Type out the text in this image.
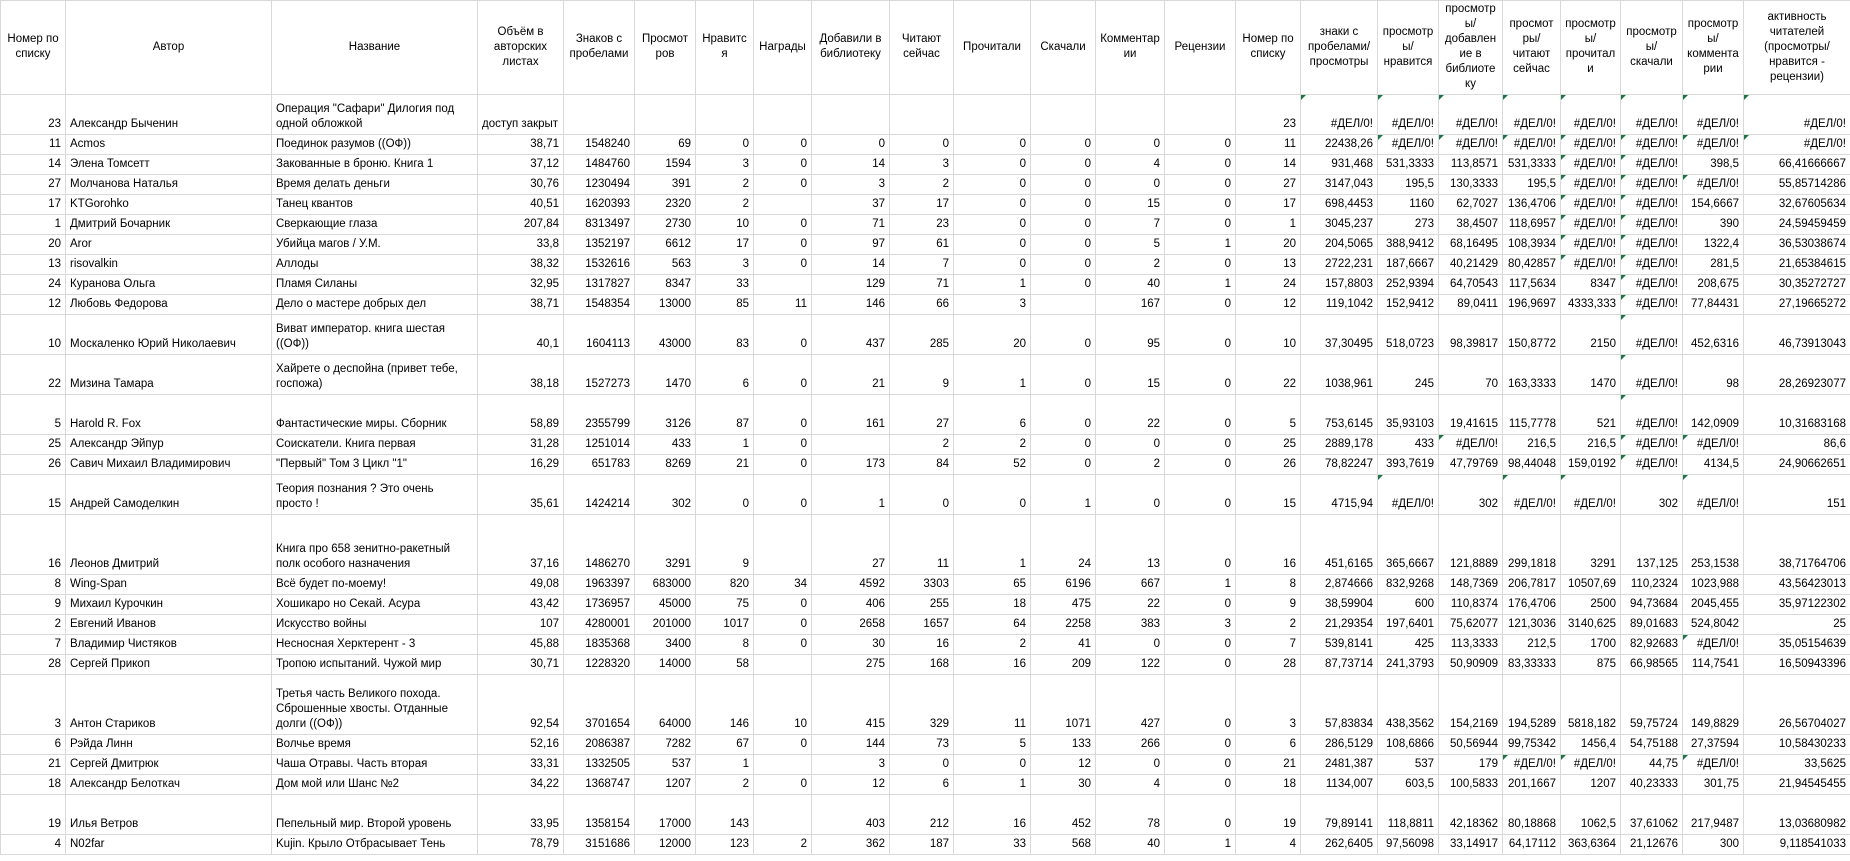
Номер по списку	Автор	Название	Объём в авторских листах	Знаков с пробелами	Просмотров	Нравится	Награды	Добавили в библиотеку	Читают сейчас	Прочитали	Скачали	Комментарии	Рецензии	Номер по списку	знаки с пробелами/просмотры	просмотры/нравится	просмотры/добавление в библиотеку	просмотры/читают сейчас	просмотры/прочитали	просмотры/скачали	просмотры/комментарии	активность читателей (просмотры/нравится - рецензии)
23	Александр Быченин	Операция "Сафари" Дилогия под одной обложкой	доступ закрыт											23	#ДЕЛ/0!	#ДЕЛ/0!	#ДЕЛ/0!	#ДЕЛ/0!	#ДЕЛ/0!	#ДЕЛ/0!	#ДЕЛ/0!	#ДЕЛ/0!
11	Acmos	Поединок разумов ((ОФ))	38,71	1548240	69	0	0	0	0	0	0	0	0	11	22438,26	#ДЕЛ/0!	#ДЕЛ/0!	#ДЕЛ/0!	#ДЕЛ/0!	#ДЕЛ/0!	#ДЕЛ/0!	#ДЕЛ/0!
14	Элена Томсетт	Закованные в броню. Книга 1	37,12	1484760	1594	3	0	14	3	0	0	4	0	14	931,468	531,3333	113,8571	531,3333	#ДЕЛ/0!	#ДЕЛ/0!	398,5	66,41666667
27	Молчанова Наталья	Время делать деньги	30,76	1230494	391	2	0	3	2	0	0	0	0	27	3147,043	195,5	130,3333	195,5	#ДЕЛ/0!	#ДЕЛ/0!	#ДЕЛ/0!	55,85714286
17	KTGorohko	Танец квантов	40,51	1620393	2320	2		37	17	0	0	15	0	17	698,4453	1160	62,7027	136,4706	#ДЕЛ/0!	#ДЕЛ/0!	154,6667	32,67605634
1	Дмитрий Бочарник	Сверкающие глаза	207,84	8313497	2730	10	0	71	23	0	0	7	0	1	3045,237	273	38,4507	118,6957	#ДЕЛ/0!	#ДЕЛ/0!	390	24,59459459
20	Aror	Убийца магов / У.М.	33,8	1352197	6612	17	0	97	61	0	0	5	1	20	204,5065	388,9412	68,16495	108,3934	#ДЕЛ/0!	#ДЕЛ/0!	1322,4	36,53038674
13	risovalkin	Аллоды	38,32	1532616	563	3	0	14	7	0	0	2	0	13	2722,231	187,6667	40,21429	80,42857	#ДЕЛ/0!	#ДЕЛ/0!	281,5	21,65384615
24	Куранова Ольга	Пламя Силаны	32,95	1317827	8347	33		129	71	1	0	40	1	24	157,8803	252,9394	64,70543	117,5634	8347	#ДЕЛ/0!	208,675	30,35272727
12	Любовь Федорова	Дело о мастере добрых дел	38,71	1548354	13000	85	11	146	66	3		167	0	12	119,1042	152,9412	89,0411	196,9697	4333,333	#ДЕЛ/0!	77,84431	27,19665272
10	Москаленко Юрий Николаевич	Виват император. книга шестая ((ОФ))	40,1	1604113	43000	83	0	437	285	20	0	95	0	10	37,30495	518,0723	98,39817	150,8772	2150	#ДЕЛ/0!	452,6316	46,73913043
22	Мизина Тамара	Хайрете о деспойна (привет тебе, госпожа)	38,18	1527273	1470	6	0	21	9	1	0	15	0	22	1038,961	245	70	163,3333	1470	#ДЕЛ/0!	98	28,26923077
5	Harold R. Fox	Фантастические миры. Сборник	58,89	2355799	3126	87	0	161	27	6	0	22	0	5	753,6145	35,93103	19,41615	115,7778	521	#ДЕЛ/0!	142,0909	10,31683168
25	Александр Эйпур	Соискатели. Книга первая	31,28	1251014	433	1	0		2	2	0	0	0	25	2889,178	433	#ДЕЛ/0!	216,5	216,5	#ДЕЛ/0!	#ДЕЛ/0!	86,6
26	Савич Михаил Владимирович	"Первый" Том 3 Цикл "1"	16,29	651783	8269	21	0	173	84	52	0	2	0	26	78,82247	393,7619	47,79769	98,44048	159,0192	#ДЕЛ/0!	4134,5	24,90662651
15	Андрей Самоделкин	Теория познания ? Это очень просто !	35,61	1424214	302	0	0	1	0	0	1	0	0	15	4715,94	#ДЕЛ/0!	302	#ДЕЛ/0!	#ДЕЛ/0!	302	#ДЕЛ/0!	151
16	Леонов Дмитрий	Книга про 658 зенитно-ракетный полк особого назначения	37,16	1486270	3291	9		27	11	1	24	13	0	16	451,6165	365,6667	121,8889	299,1818	3291	137,125	253,1538	38,71764706
8	Wing-Span	Всё будет по-моему!	49,08	1963397	683000	820	34	4592	3303	65	6196	667	1	8	2,874666	832,9268	148,7369	206,7817	10507,69	110,2324	1023,988	43,56423013
9	Михаил Курочкин	Хошикаро но Секай. Асура	43,42	1736957	45000	75	0	406	255	18	475	22	0	9	38,59904	600	110,8374	176,4706	2500	94,73684	2045,455	35,97122302
2	Евгений Иванов	Искусство войны	107	4280001	201000	1017	0	2658	1657	64	2258	383	3	2	21,29354	197,6401	75,62077	121,3036	3140,625	89,01683	524,8042	25
7	Владимир Чистяков	Несносная Херктерент - 3	45,88	1835368	3400	8	0	30	16	2	41	0	0	7	539,8141	425	113,3333	212,5	1700	82,92683	#ДЕЛ/0!	35,05154639
28	Сергей Прикоп	Тропою испытаний. Чужой мир	30,71	1228320	14000	58		275	168	16	209	122	0	28	87,73714	241,3793	50,90909	83,33333	875	66,98565	114,7541	16,50943396
3	Антон Стариков	Третья часть Великого похода. Сброшенные хвосты. Отданные долги ((ОФ))	92,54	3701654	64000	146	10	415	329	11	1071	427	0	3	57,83834	438,3562	154,2169	194,5289	5818,182	59,75724	149,8829	26,56704027
6	Рэйда Линн	Волчье время	52,16	2086387	7282	67	0	144	73	5	133	266	0	6	286,5129	108,6866	50,56944	99,75342	1456,4	54,75188	27,37594	10,58430233
21	Сергей Дмитрюк	Чаша Отравы. Часть вторая	33,31	1332505	537	1		3	0	0	12	0	0	21	2481,387	537	179	#ДЕЛ/0!	#ДЕЛ/0!	44,75	#ДЕЛ/0!	33,5625
18	Александр Белоткач	Дом мой или Шанс №2	34,22	1368747	1207	2	0	12	6	1	30	4	0	18	1134,007	603,5	100,5833	201,1667	1207	40,23333	301,75	21,94545455
19	Илья Ветров	Пепельный мир. Второй уровень	33,95	1358154	17000	143		403	212	16	452	78	0	19	79,89141	118,8811	42,18362	80,18868	1062,5	37,61062	217,9487	13,03680982
4	N02far	Kujin. Крыло Отбрасывает Тень	78,79	3151686	12000	123	2	362	187	33	568	40	1	4	262,6405	97,56098	33,14917	64,17112	363,6364	21,12676	300	9,118541033
